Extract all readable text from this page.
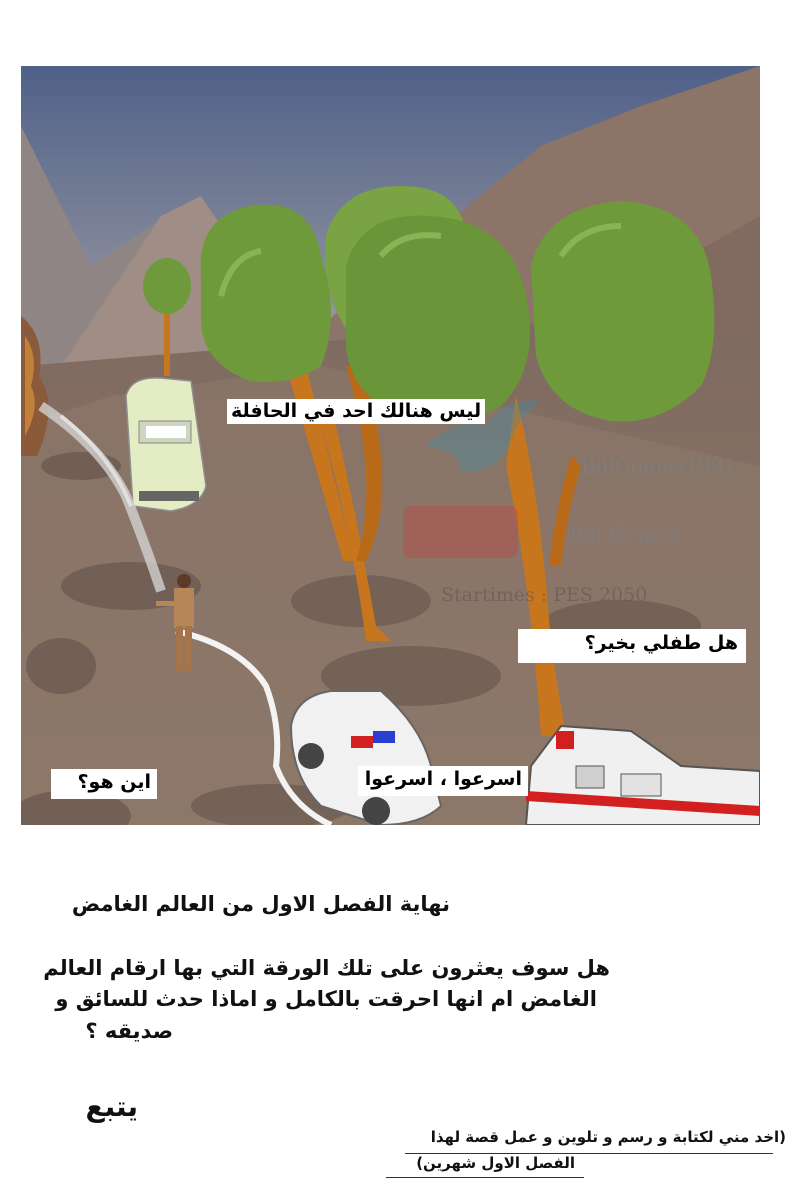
BillGenius1991
Bill Genius
Startimes : PES 2050
ليس هنالك احد في الحافلة
هل طفلي بخير؟
اسرعوا ، اسرعوا
اين هو؟
نهاية الفصل الاول من العالم الغامض
هل سوف يعثرون على تلك الورقة التي بها ارقام العالم
الغامض ام انها احرقت بالكامل و اماذا حدث للسائق و
صديقه ؟
يتبع
(اخد مني لكتابة و رسم و تلوين و عمل قصة لهذا
الفصل الاول شهرين)
